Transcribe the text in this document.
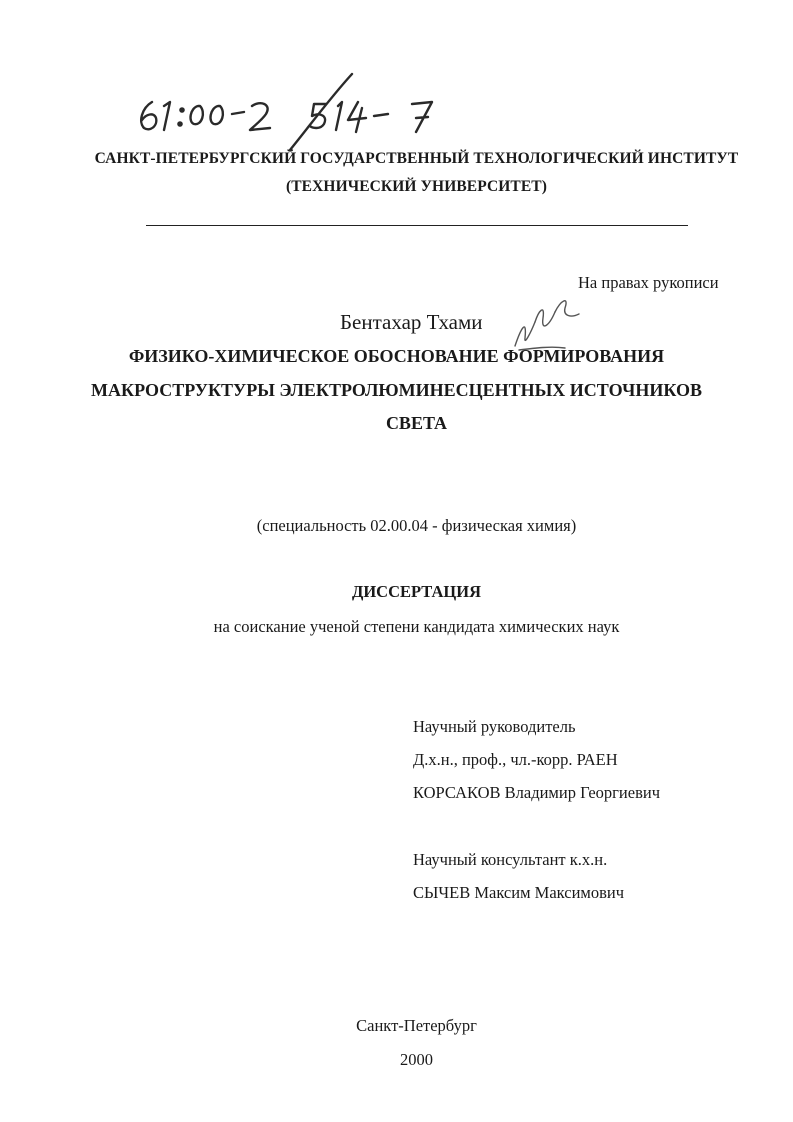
САНКТ-ПЕТЕРБУРГСКИЙ ГОСУДАРСТВЕННЫЙ ТЕХНОЛОГИЧЕСКИЙ ИНСТИТУТ
(ТЕХНИЧЕСКИЙ УНИВЕРСИТЕТ)
На правах рукописи
Бентахар Тхами
ФИЗИКО-ХИМИЧЕСКОЕ ОБОСНОВАНИЕ ФОРМИРОВАНИЯ
МАКРОСТРУКТУРЫ ЭЛЕКТРОЛЮМИНЕСЦЕНТНЫХ ИСТОЧНИКОВ
СВЕТА
(специальность 02.00.04 - физическая химия)
ДИССЕРТАЦИЯ
на соискание ученой степени кандидата химических наук
Научный руководитель
Д.х.н., проф., чл.-корр. РАЕН
КОРСАКОВ Владимир Георгиевич
Научный консультант к.х.н.
СЫЧЕВ Максим Максимович
Санкт-Петербург
2000
